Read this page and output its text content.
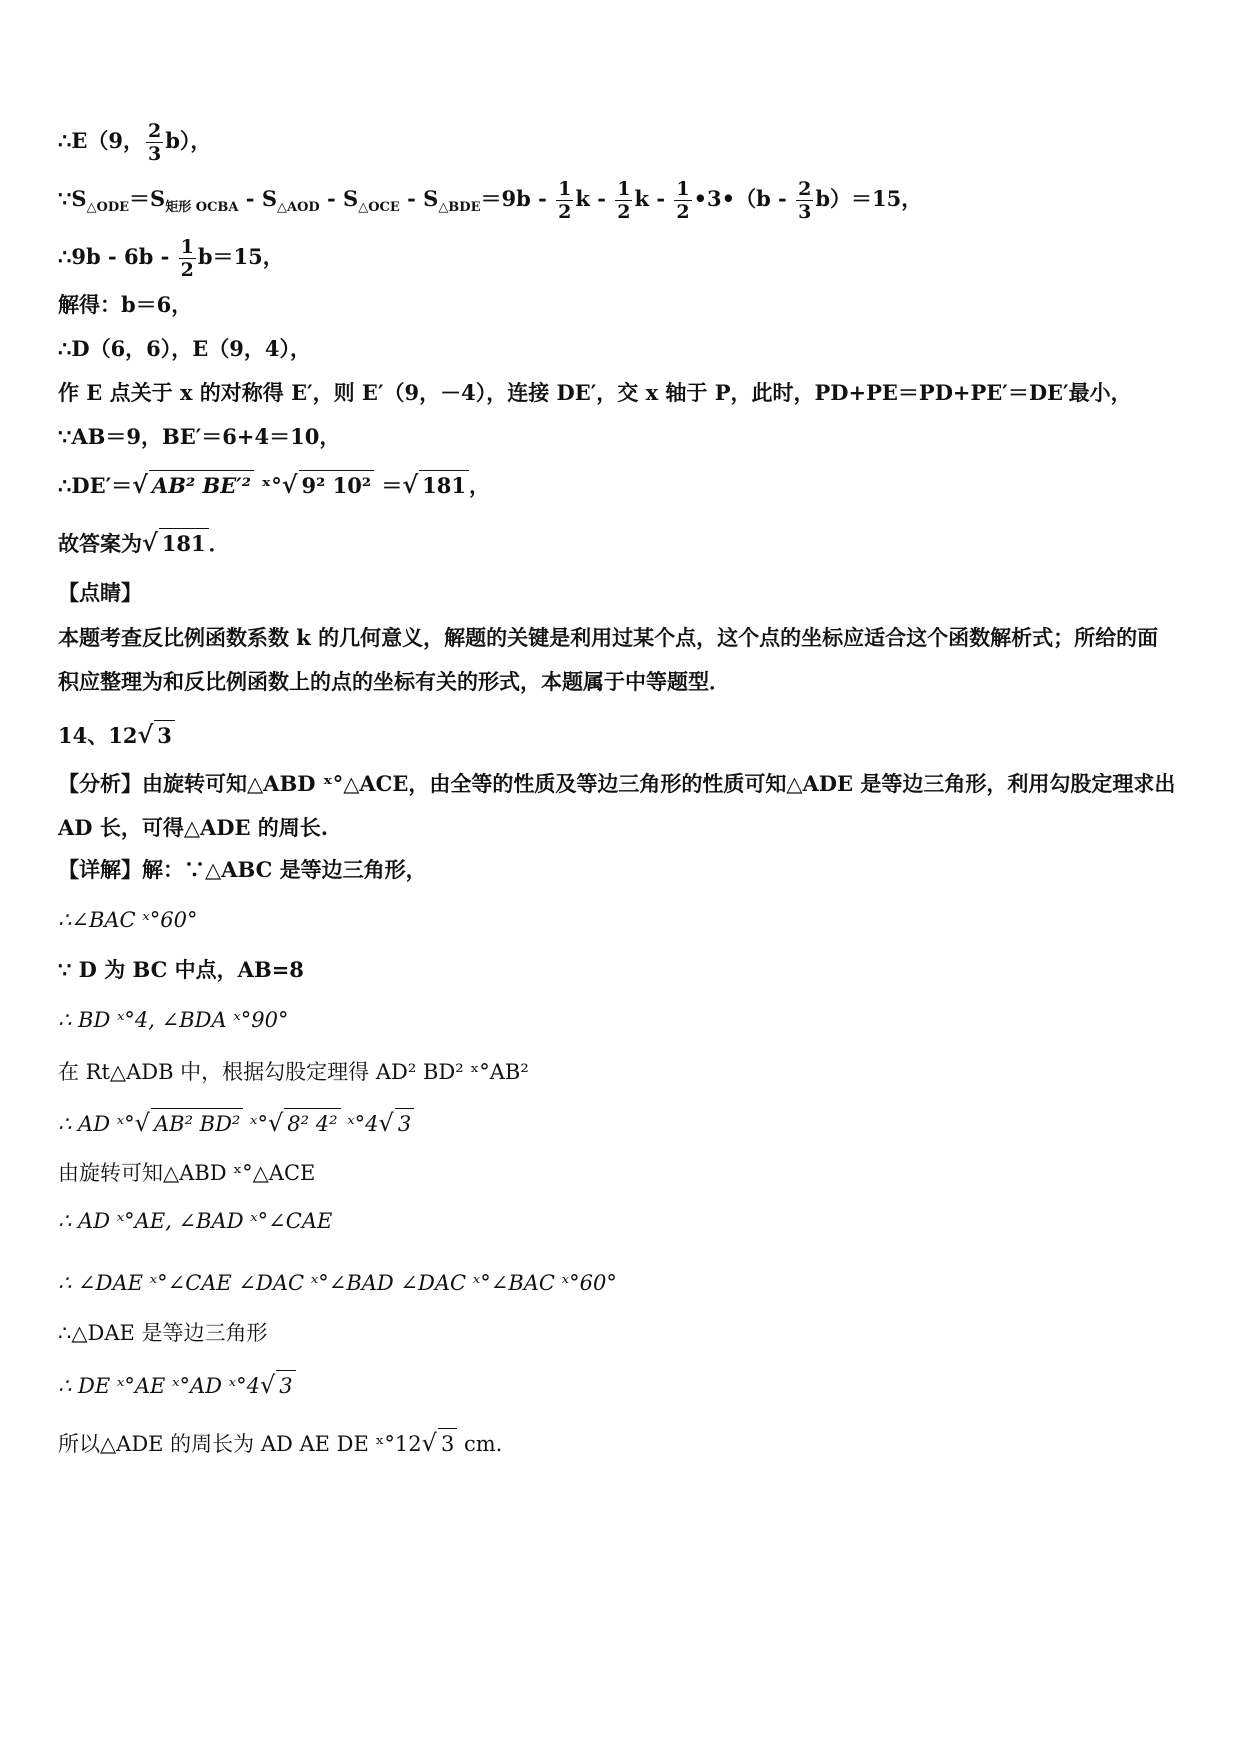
∴E（9， $\frac{2}{3} b$），
$\because S_{\triangle ODE}=S_{矩形 OCBA} - S_{\triangle AOD} - S_{\triangle OCE} - S_{\triangle BDE}=9b - \frac{1}{2}$ k - $\frac{1}{2}$ k - $\frac{1}{2}$ •3•（b - $\frac{2}{3} b)=15$，
∴9b - $6b - \frac{1}{2} b=15$，
解得：b＝6，
∴D（6，6），E（9，4），
作 E 点关于 x 的对称得 E′，则 E′（9，－4），连接 DE′，交 x 轴于 P，此时，PD+PE＝PD+PE′＝DE′最小，
∵AB＝9，BE′＝6+4＝10，
∴DE′＝√ AB² BE′² ˣ°√ 9² 10² ＝√ 181 ，
故答案为√ 181 ．
【点睛】
本题考查反比例函数系数 k 的几何意义，解题的关键是利用过某个点，这个点的坐标应适合这个函数解析式；所给的面积应整理为和反比例函数上的点的坐标有关的形式，本题属于中等题型．
14、12√ 3
【分析】由旋转可知△ABD ˣ°△ACE，由全等的性质及等边三角形的性质可知△ADE 是等边三角形，利用勾股定理求出 AD 长，可得△ADE 的周长.
【详解】解：∵△ABC 是等边三角形，
∴∠BAC ˣ°60°
∵ D 为 BC 中点，AB=8
∴ BD ˣ°4, ∠BDA ˣ°90°
在 Rt△ADB 中，根据勾股定理得 AD² BD² ˣ°AB²
∴ AD ˣ°√ AB² BD² ˣ°√ 8² 4² ˣ°4√ 3
由旋转可知△ABD ˣ°△ACE
∴ AD ˣ°AE, ∠BAD ˣ°∠CAE
∴ ∠DAE ˣ°∠CAE ∠DAC ˣ°∠BAD ∠DAC ˣ°∠BAC ˣ°60°
∴△DAE 是等边三角形
∴ DE ˣ°AE ˣ°AD ˣ°4√ 3
所以△ADE 的周长为 AD AE DE ˣ°12√ 3 cm.
